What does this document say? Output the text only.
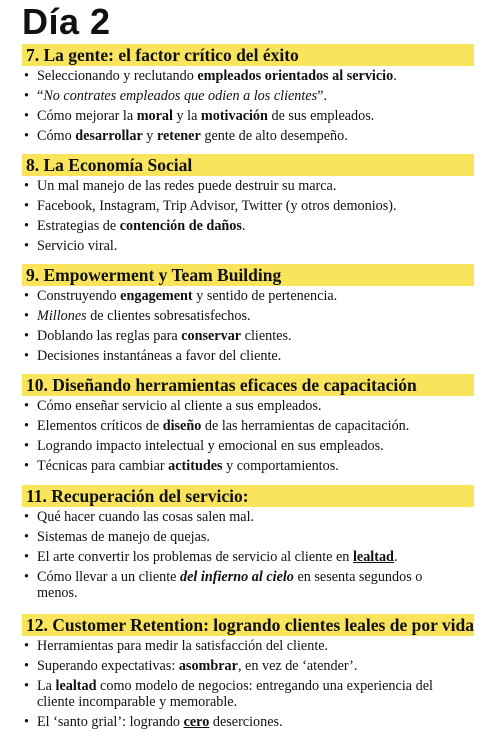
Día 2
7. La gente: el factor crítico del éxito
• Seleccionando y reclutando empleados orientados al servicio.
• “No contrates empleados que odien a los clientes”.
• Cómo mejorar la moral y la motivación de sus empleados.
• Cómo desarrollar y retener gente de alto desempeño.
8. La Economía Social
• Un mal manejo de las redes puede destruir su marca.
• Facebook, Instagram, Trip Advisor, Twitter (y otros demonios).
• Estrategias de contención de daños.
• Servicio viral.
9. Empowerment y Team Building
• Construyendo engagement y sentido de pertenencia.
• Millones de clientes sobresatisfechos.
• Doblando las reglas para conservar clientes.
• Decisiones instantáneas a favor del cliente.
10. Diseñando herramientas eficaces de capacitación
• Cómo enseñar servicio al cliente a sus empleados.
• Elementos críticos de diseño de las herramientas de capacitación.
• Logrando impacto intelectual y emocional en sus empleados.
• Técnicas para cambiar actitudes y comportamientos.
11. Recuperación del servicio:
• Qué hacer cuando las cosas salen mal.
• Sistemas de manejo de quejas.
• El arte convertir los problemas de servicio al cliente en lealtad.
• Cómo llevar a un cliente del infierno al cielo en sesenta segundos o menos.
12. Customer Retention: logrando clientes leales de por vida
• Herramientas para medir la satisfacción del cliente.
• Superando expectativas: asombrar, en vez de ‘atender’.
• La lealtad como modelo de negocios: entregando una experiencia del cliente incomparable y memorable.
• El ‘santo grial’: logrando cero deserciones.
